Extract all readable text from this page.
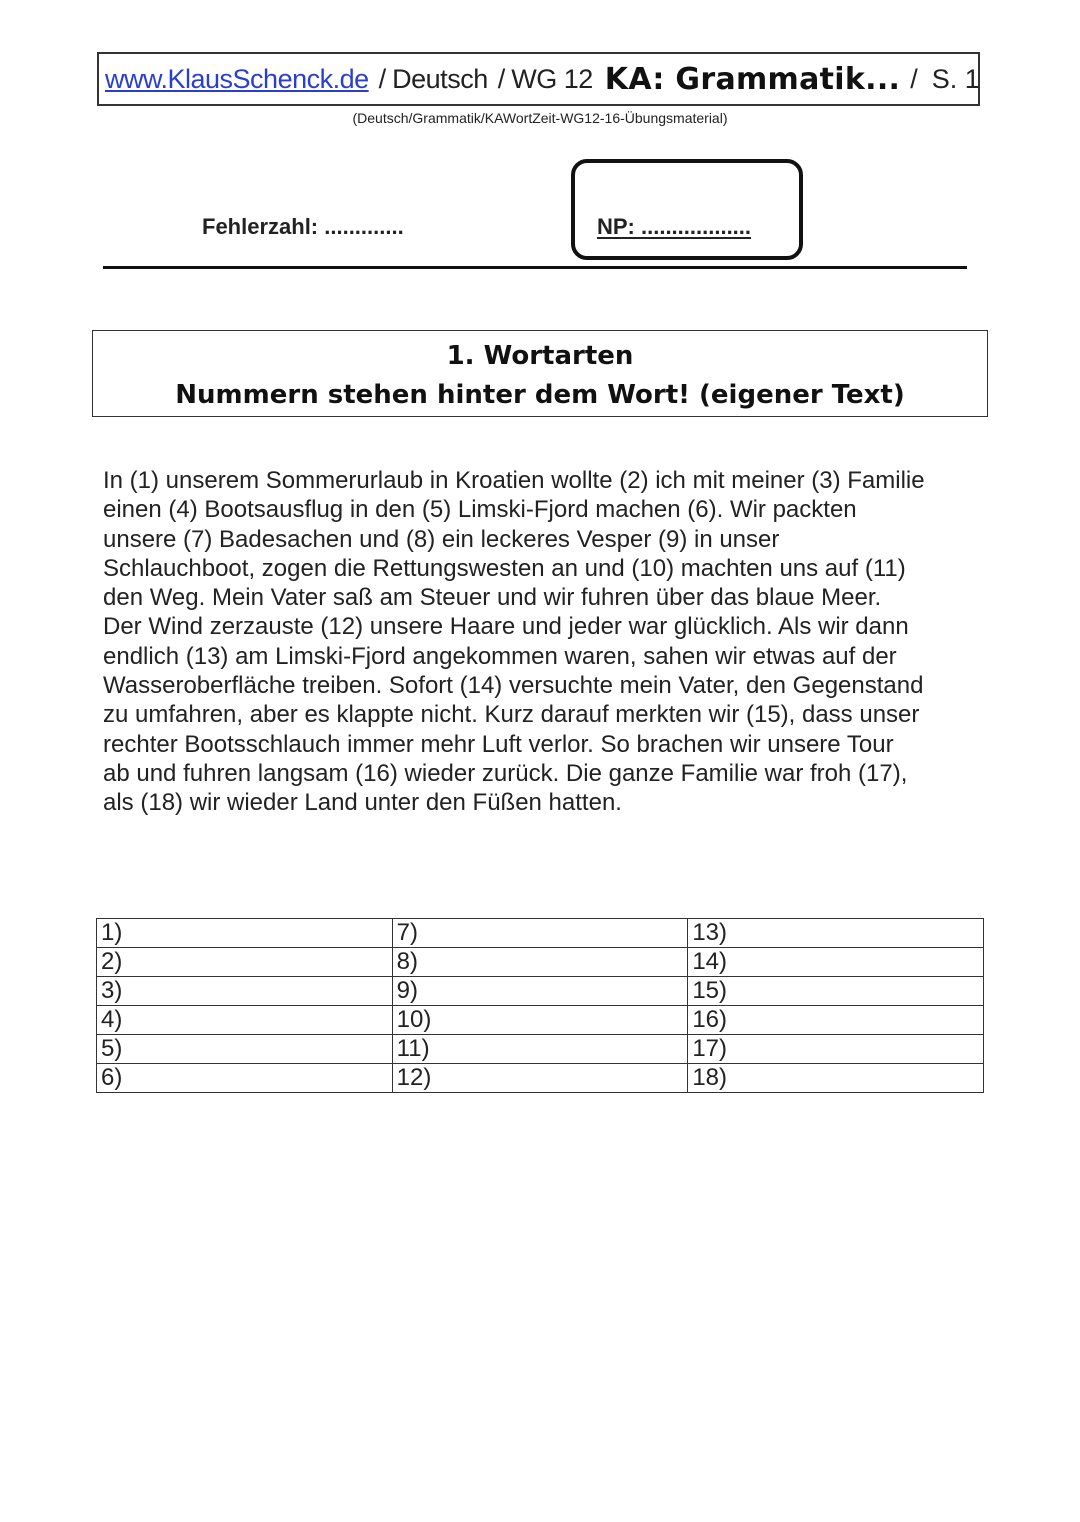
www.KlausSchenck.de / Deutsch / WG 12 KA: Grammatik... / S. 1
(Deutsch/Grammatik/KAWortZeit-WG12-16-Übungsmaterial)
Fehlerzahl: .............	NP: ..................
1. Wortarten
Nummern stehen hinter dem Wort! (eigener Text)

In (1) unserem Sommerurlaub in Kroatien wollte (2) ich mit meiner (3) Familie

einen (4) Bootsausflug in den (5) Limski-Fjord machen (6). Wir packten

unsere (7) Badesachen und (8) ein leckeres Vesper (9) in unser

Schlauchboot, zogen die Rettungswesten an und (10) machten uns auf (11)

den Weg. Mein Vater saß am Steuer und wir fuhren über das blaue Meer.

Der Wind zerzauste (12) unsere Haare und jeder war glücklich. Als wir dann

endlich (13) am Limski-Fjord angekommen waren, sahen wir etwas auf der

Wasseroberfläche treiben. Sofort (14) versuchte mein Vater, den Gegenstand

zu umfahren, aber es klappte nicht. Kurz darauf merkten wir (15), dass unser

rechter Bootsschlauch immer mehr Luft verlor. So brachen wir unsere Tour

ab und fuhren langsam (16) wieder zurück. Die ganze Familie war froh (17),

als (18) wir wieder Land unter den Füßen hatten.

1)	7)	13)
2)	8)	14)
3)	9)	15)
4)	10)	16)
5)	11)	17)
6)	12)	18)
